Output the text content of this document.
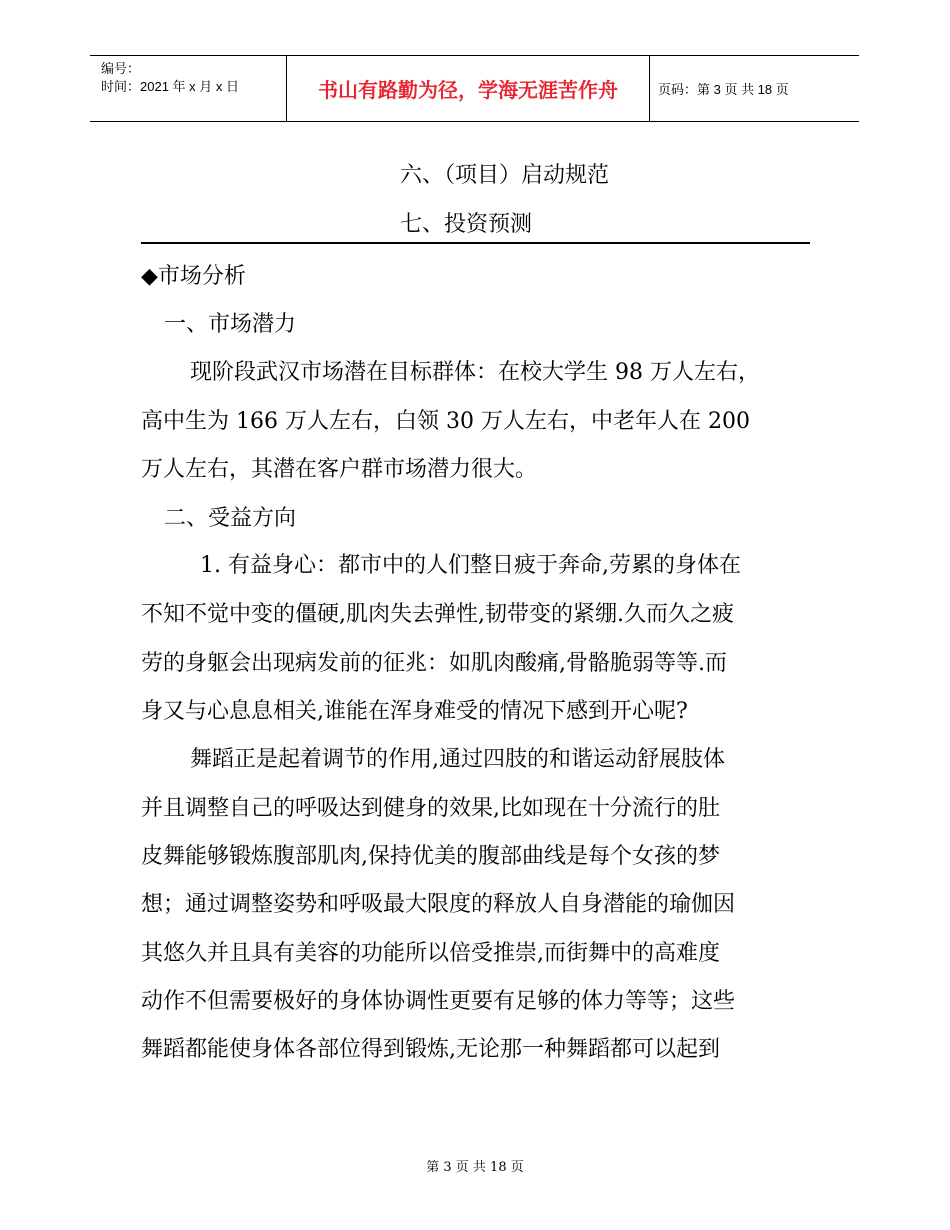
编号：
时间：2021 年 x 月 x 日	书山有路勤为径，学海无涯苦作舟	页码：第 3 页 共 18 页
六、（项目）启动规范
七、投资预测
◆市场分析
一、市场潜力
现阶段武汉市场潜在目标群体：在校大学生 98 万人左右，
高中生为 166 万人左右，白领 30 万人左右，中老年人在 200
万人左右，其潜在客户群市场潜力很大。
二、受益方向
1. 有益身心：都市中的人们整日疲于奔命,劳累的身体在
不知不觉中变的僵硬,肌肉失去弹性,韧带变的紧绷.久而久之疲
劳的身躯会出现病发前的征兆：如肌肉酸痛,骨骼脆弱等等.而
身又与心息息相关,谁能在浑身难受的情况下感到开心呢?
舞蹈正是起着调节的作用,通过四肢的和谐运动舒展肢体
并且调整自己的呼吸达到健身的效果,比如现在十分流行的肚
皮舞能够锻炼腹部肌肉,保持优美的腹部曲线是每个女孩的梦
想；通过调整姿势和呼吸最大限度的释放人自身潜能的瑜伽因
其悠久并且具有美容的功能所以倍受推崇,而街舞中的高难度
动作不但需要极好的身体协调性更要有足够的体力等等；这些
舞蹈都能使身体各部位得到锻炼,无论那一种舞蹈都可以起到
第 3 页 共 18 页
